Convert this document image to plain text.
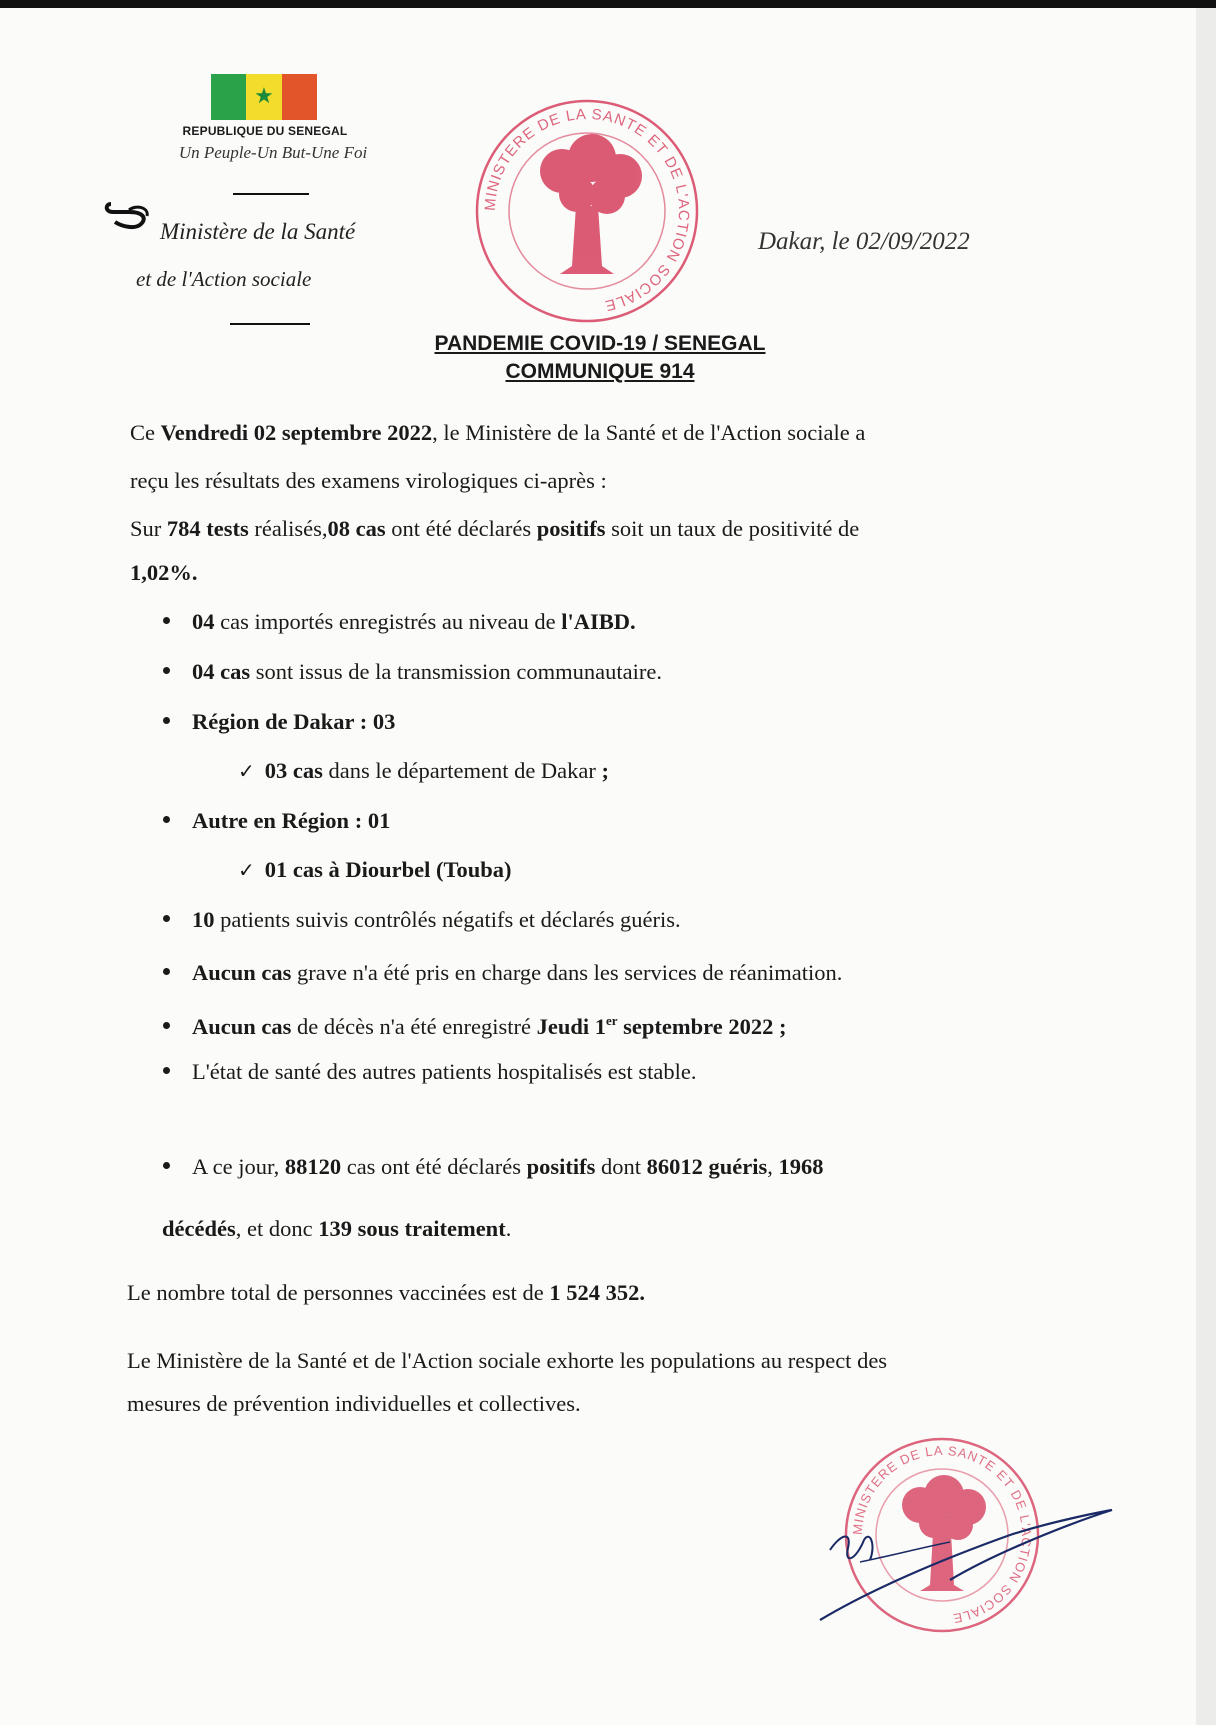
★
REPUBLIQUE DU SENEGAL
Un Peuple-Un But-Une Foi
Ministère de la Santé
et de l'Action sociale
MINISTERE DE LA SANTE ET DE L'ACTION SOCIALE
Dakar, le 02/09/2022
PANDEMIE COVID-19 / SENEGAL
COMMUNIQUE 914
Ce Vendredi 02 septembre 2022, le Ministère de la Santé et de l'Action sociale a
reçu les résultats des examens virologiques ci-après :
Sur 784 tests réalisés,08 cas ont été déclarés positifs soit un taux de positivité de
1,02%.
04 cas importés enregistrés au niveau de l'AIBD.
04 cas sont issus de la transmission communautaire.
Région de Dakar : 03
✓ 03 cas dans le département de Dakar ;
Autre en Région : 01
✓ 01 cas à Diourbel (Touba)
10 patients suivis contrôlés négatifs et déclarés guéris.
Aucun cas grave n'a été pris en charge dans les services de réanimation.
Aucun cas de décès n'a été enregistré Jeudi 1er septembre 2022 ;
L'état de santé des autres patients hospitalisés est stable.
A ce jour, 88120 cas ont été déclarés positifs dont 86012 guéris, 1968
décédés, et donc 139 sous traitement.
Le nombre total de personnes vaccinées est de 1 524 352.
Le Ministère de la Santé et de l'Action sociale exhorte les populations au respect des
mesures de prévention individuelles et collectives.
MINISTERE DE LA SANTE ET DE L'ACTION SOCIALE
